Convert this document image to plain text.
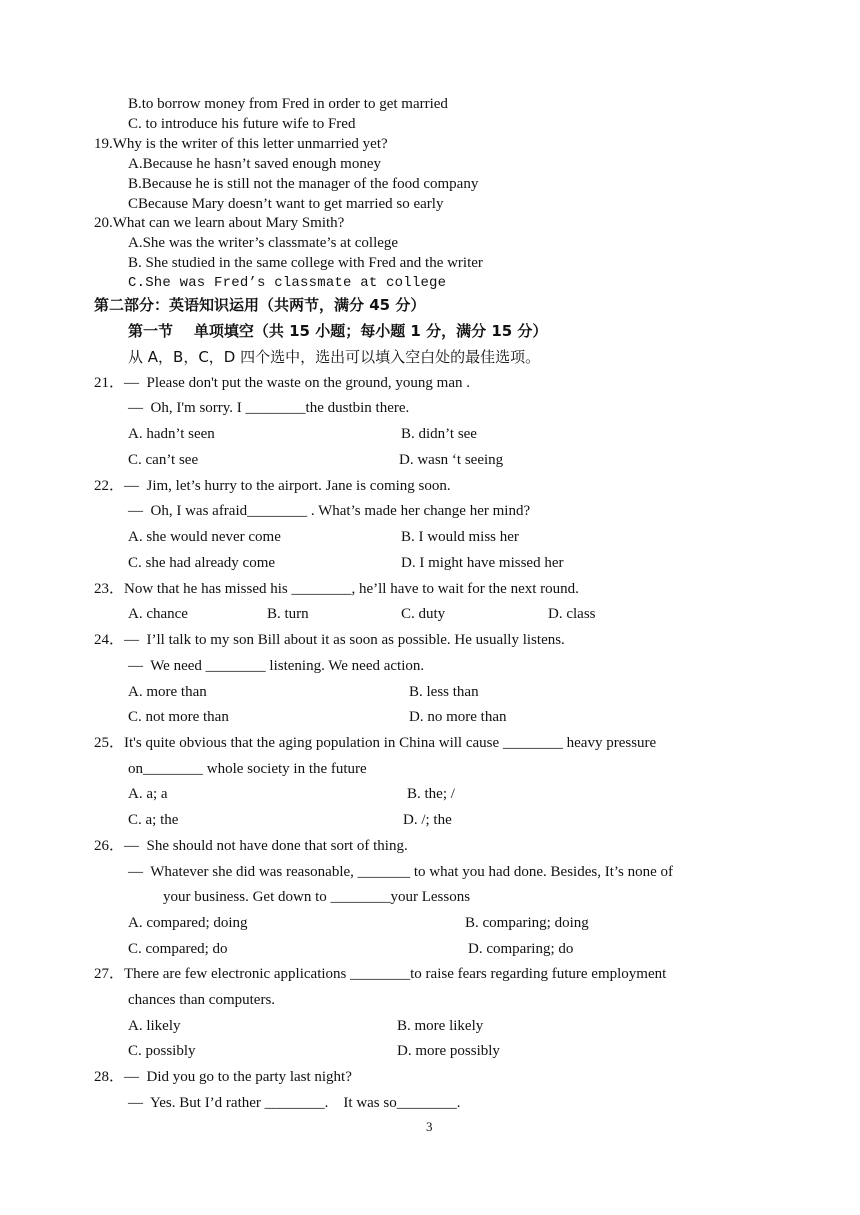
B.to borrow money from Fred in order to get married
C. to introduce his future wife to Fred
19.Why is the writer of this letter unmarried yet?
A.Because he hasn’t saved enough money
B.Because he is still not the manager of the food company
CBecause Mary doesn’t want to get married so early
20.What can we learn about Mary Smith?
A.She was the writer’s classmate’s at college
B. She studied in the same college with Fred and the writer
C.She was Fred’s classmate at college
第二部分：英语知识运用（共两节，满分 45 分）
第一节    单项填空（共 15 小题；每小题 1 分，满分 15 分）
从 A，B，C，D 四个选中，选出可以填入空白处的最佳选项。
21．—  Please don't put the waste on the ground, young man .
—  Oh, I'm sorry. I ________the dustbin there.
A. hadn’t seen	B. didn’t see
C. can’t see	D. wasn ‘t seeing
22．—  Jim, let’s hurry to the airport. Jane is coming soon.
—  Oh, I was afraid________ . What’s made her change her mind?
A. she would never come	B. I would miss her
C. she had already come	D. I might have missed her
23．Now that he has missed his ________, he’ll have to wait for the next round.
A. chance	B. turn	C. duty	D. class
24．—  I’ll talk to my son Bill about it as soon as possible. He usually listens.
—  We need ________ listening. We need action.
A. more than	B. less than
C. not more than	D. no more than
25．It's quite obvious that the aging population in China will cause ________ heavy pressure
on________ whole society in the future
A. a; a	B. the; /
C. a; the	D. /; the
26．—  She should not have done that sort of thing.
—  Whatever she did was reasonable, _______ to what you had done. Besides, It’s none of
your business. Get down to ________your Lessons
A. compared; doing	B. comparing; doing
C. compared; do	D. comparing; do
27．There are few electronic applications ________to raise fears regarding future employment
chances than computers.
A. likely	B. more likely
C. possibly	D. more possibly
28．—  Did you go to the party last night?
—  Yes. But I’d rather ________.    It was so________.
3
